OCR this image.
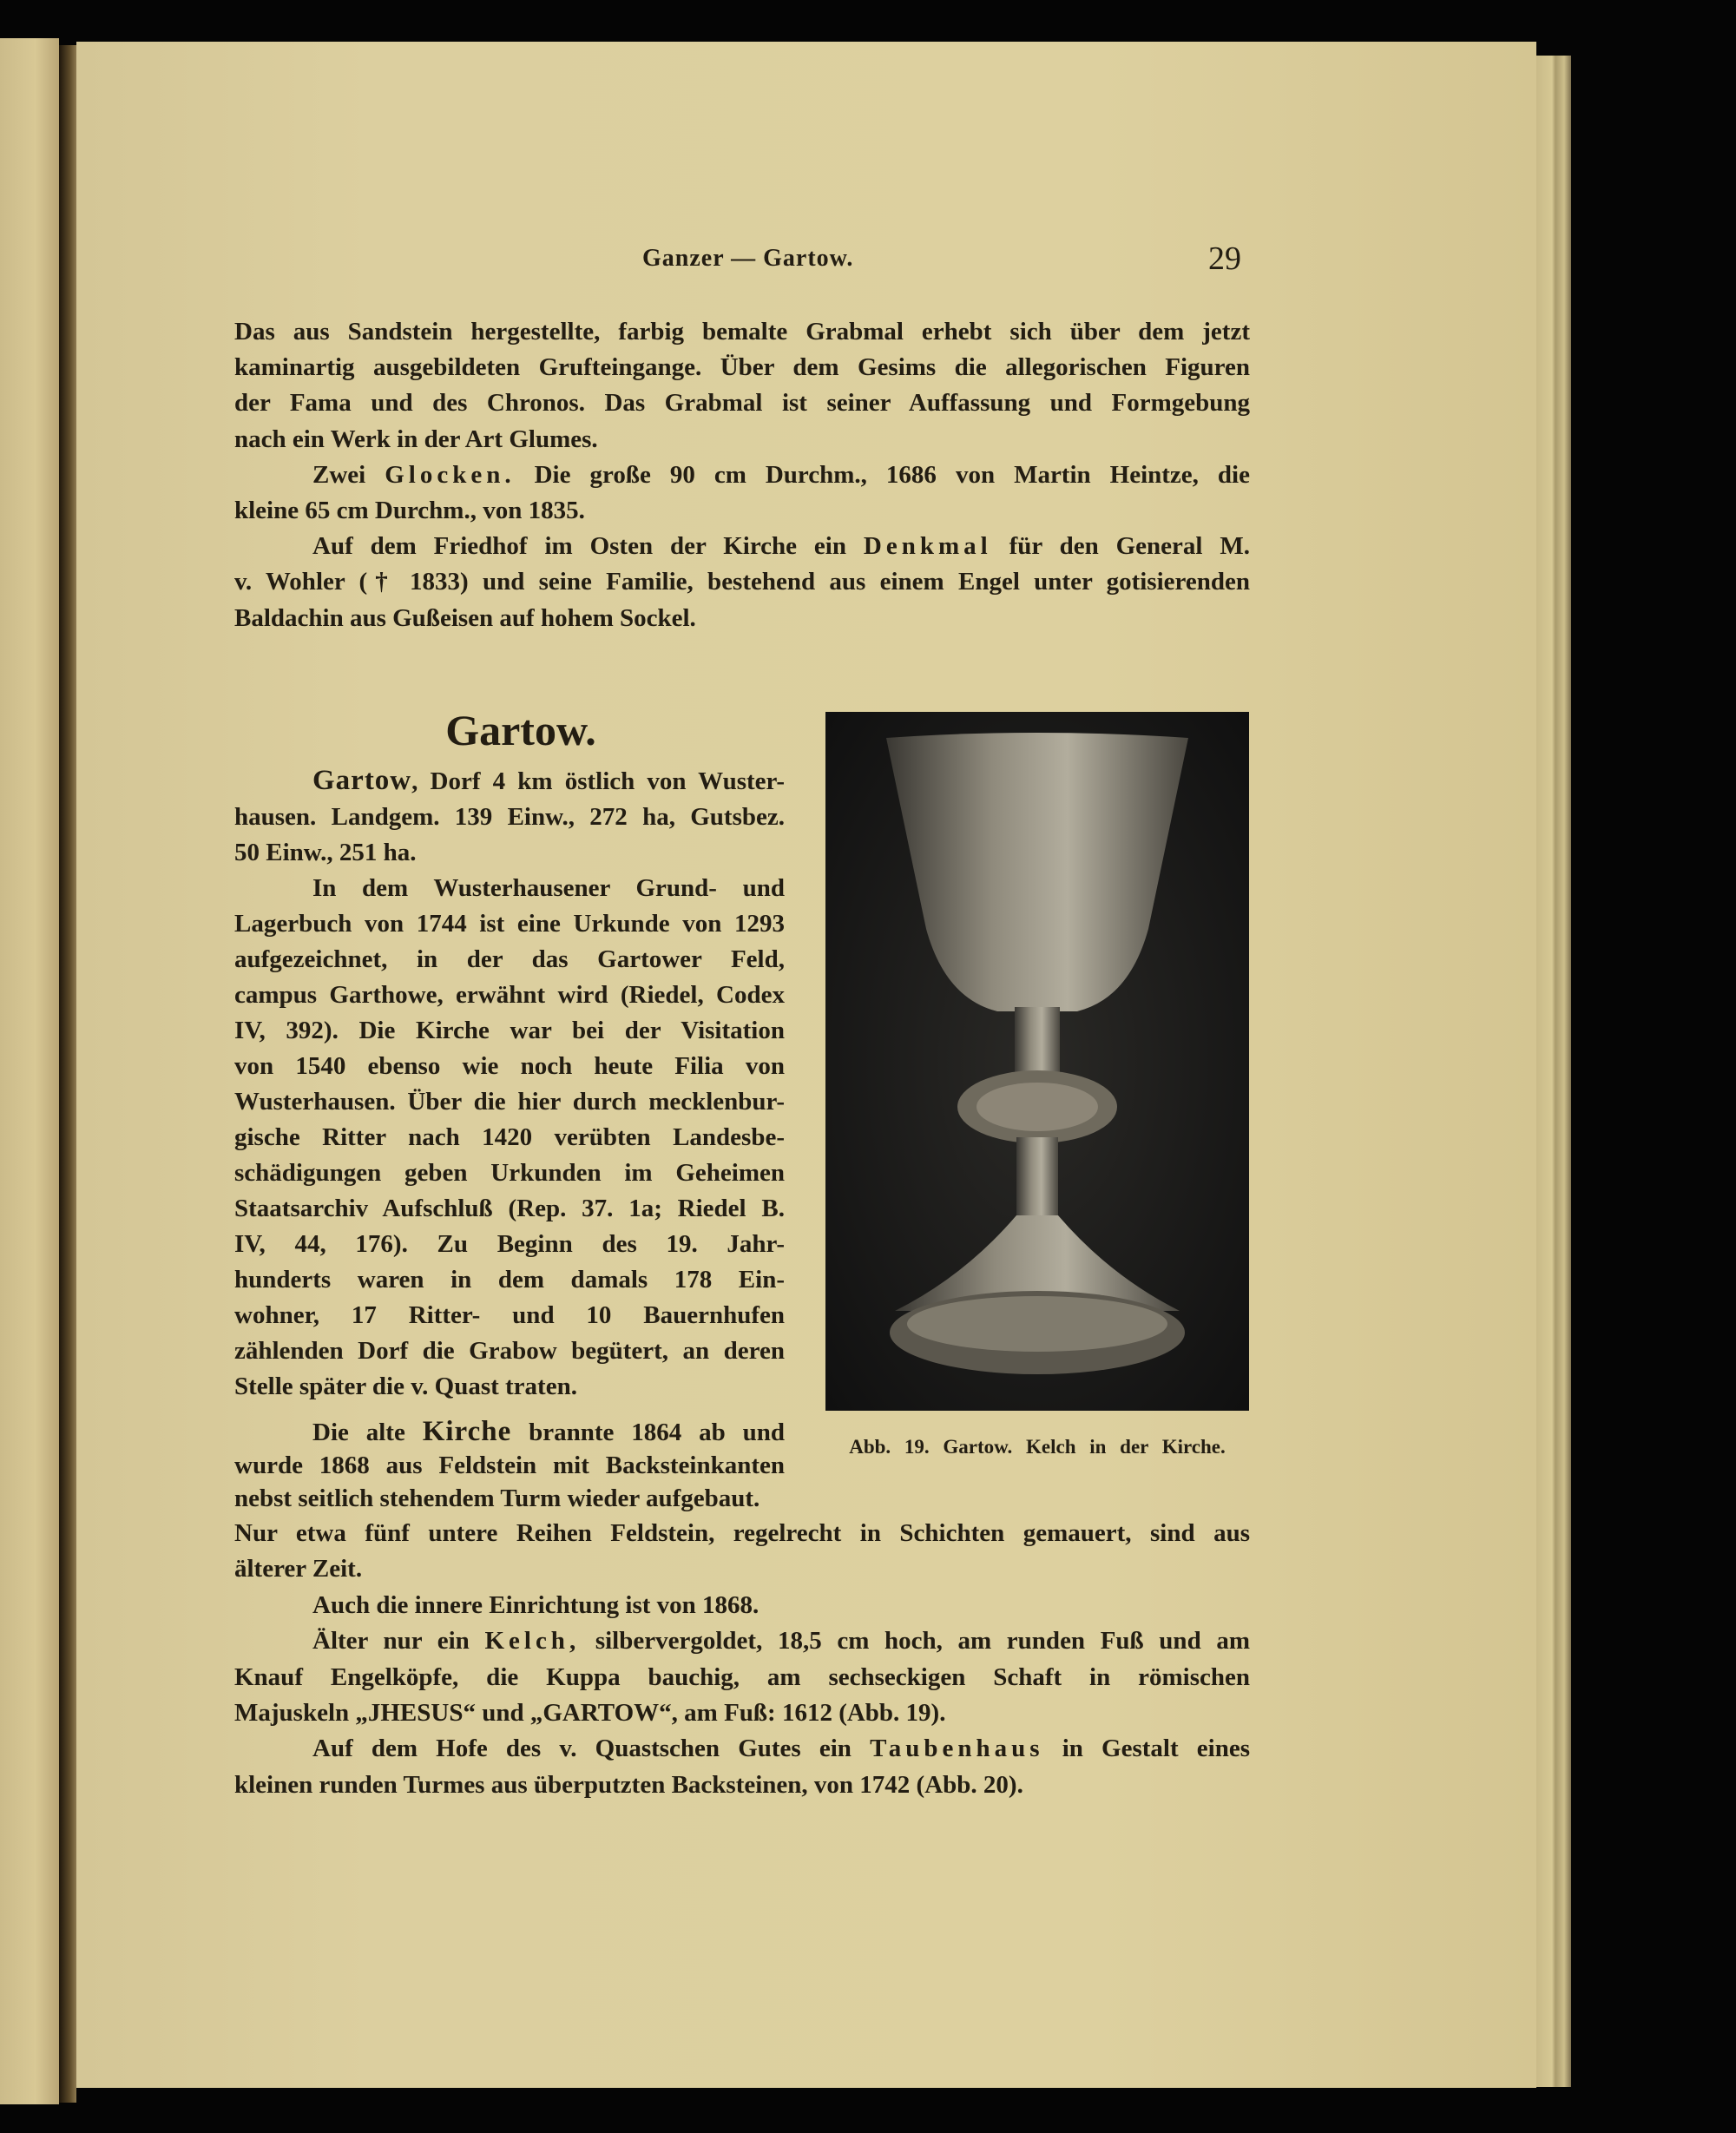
Ganzer — Gartow.	29
Das aus Sandstein hergestellte, farbig bemalte Grabmal erhebt sich über dem jetzt
kaminartig ausgebildeten Grufteingange. Über dem Gesims die allegorischen Figuren
der Fama und des Chronos. Das Grabmal ist seiner Auffassung und Formgebung
nach ein Werk in der Art Glumes.
Zwei Glocken. Die große 90 cm Durchm., 1686 von Martin Heintze, die
kleine 65 cm Durchm., von 1835.
Auf dem Friedhof im Osten der Kirche ein Denkmal für den General M.
v. Wohler († 1833) und seine Familie, bestehend aus einem Engel unter gotisierenden
Baldachin aus Gußeisen auf hohem Sockel.
Gartow.
Gartow, Dorf 4 km östlich von Wuster-
hausen. Landgem. 139 Einw., 272 ha, Gutsbez.
50 Einw., 251 ha.
In dem Wusterhausener Grund- und
Lagerbuch von 1744 ist eine Urkunde von 1293
aufgezeichnet, in der das Gartower Feld,
campus Garthowe, erwähnt wird (Riedel, Codex
IV, 392). Die Kirche war bei der Visitation
von 1540 ebenso wie noch heute Filia von
Wusterhausen. Über die hier durch mecklenbur-
gische Ritter nach 1420 verübten Landesbe-
schädigungen geben Urkunden im Geheimen
Staatsarchiv Aufschluß (Rep. 37. 1a; Riedel B.
IV, 44, 176). Zu Beginn des 19. Jahr-
hunderts waren in dem damals 178 Ein-
wohner, 17 Ritter- und 10 Bauernhufen
zählenden Dorf die Grabow begütert, an deren
Stelle später die v. Quast traten.
Die alte Kirche brannte 1864 ab und
wurde 1868 aus Feldstein mit Backsteinkanten
nebst seitlich stehendem Turm wieder aufgebaut.
Nur etwa fünf untere Reihen Feldstein, regelrecht in Schichten gemauert, sind aus
älterer Zeit.
Auch die innere Einrichtung ist von 1868.
Älter nur ein Kelch, silbervergoldet, 18,5 cm hoch, am runden Fuß und am
Knauf Engelköpfe, die Kuppa bauchig, am sechseckigen Schaft in römischen
Majuskeln „JHESUS“ und „GARTOW“, am Fuß: 1612 (Abb. 19).
Auf dem Hofe des v. Quastschen Gutes ein Taubenhaus in Gestalt eines
kleinen runden Turmes aus überputzten Backsteinen, von 1742 (Abb. 20).
Abb. 19. Gartow. Kelch in der Kirche.
